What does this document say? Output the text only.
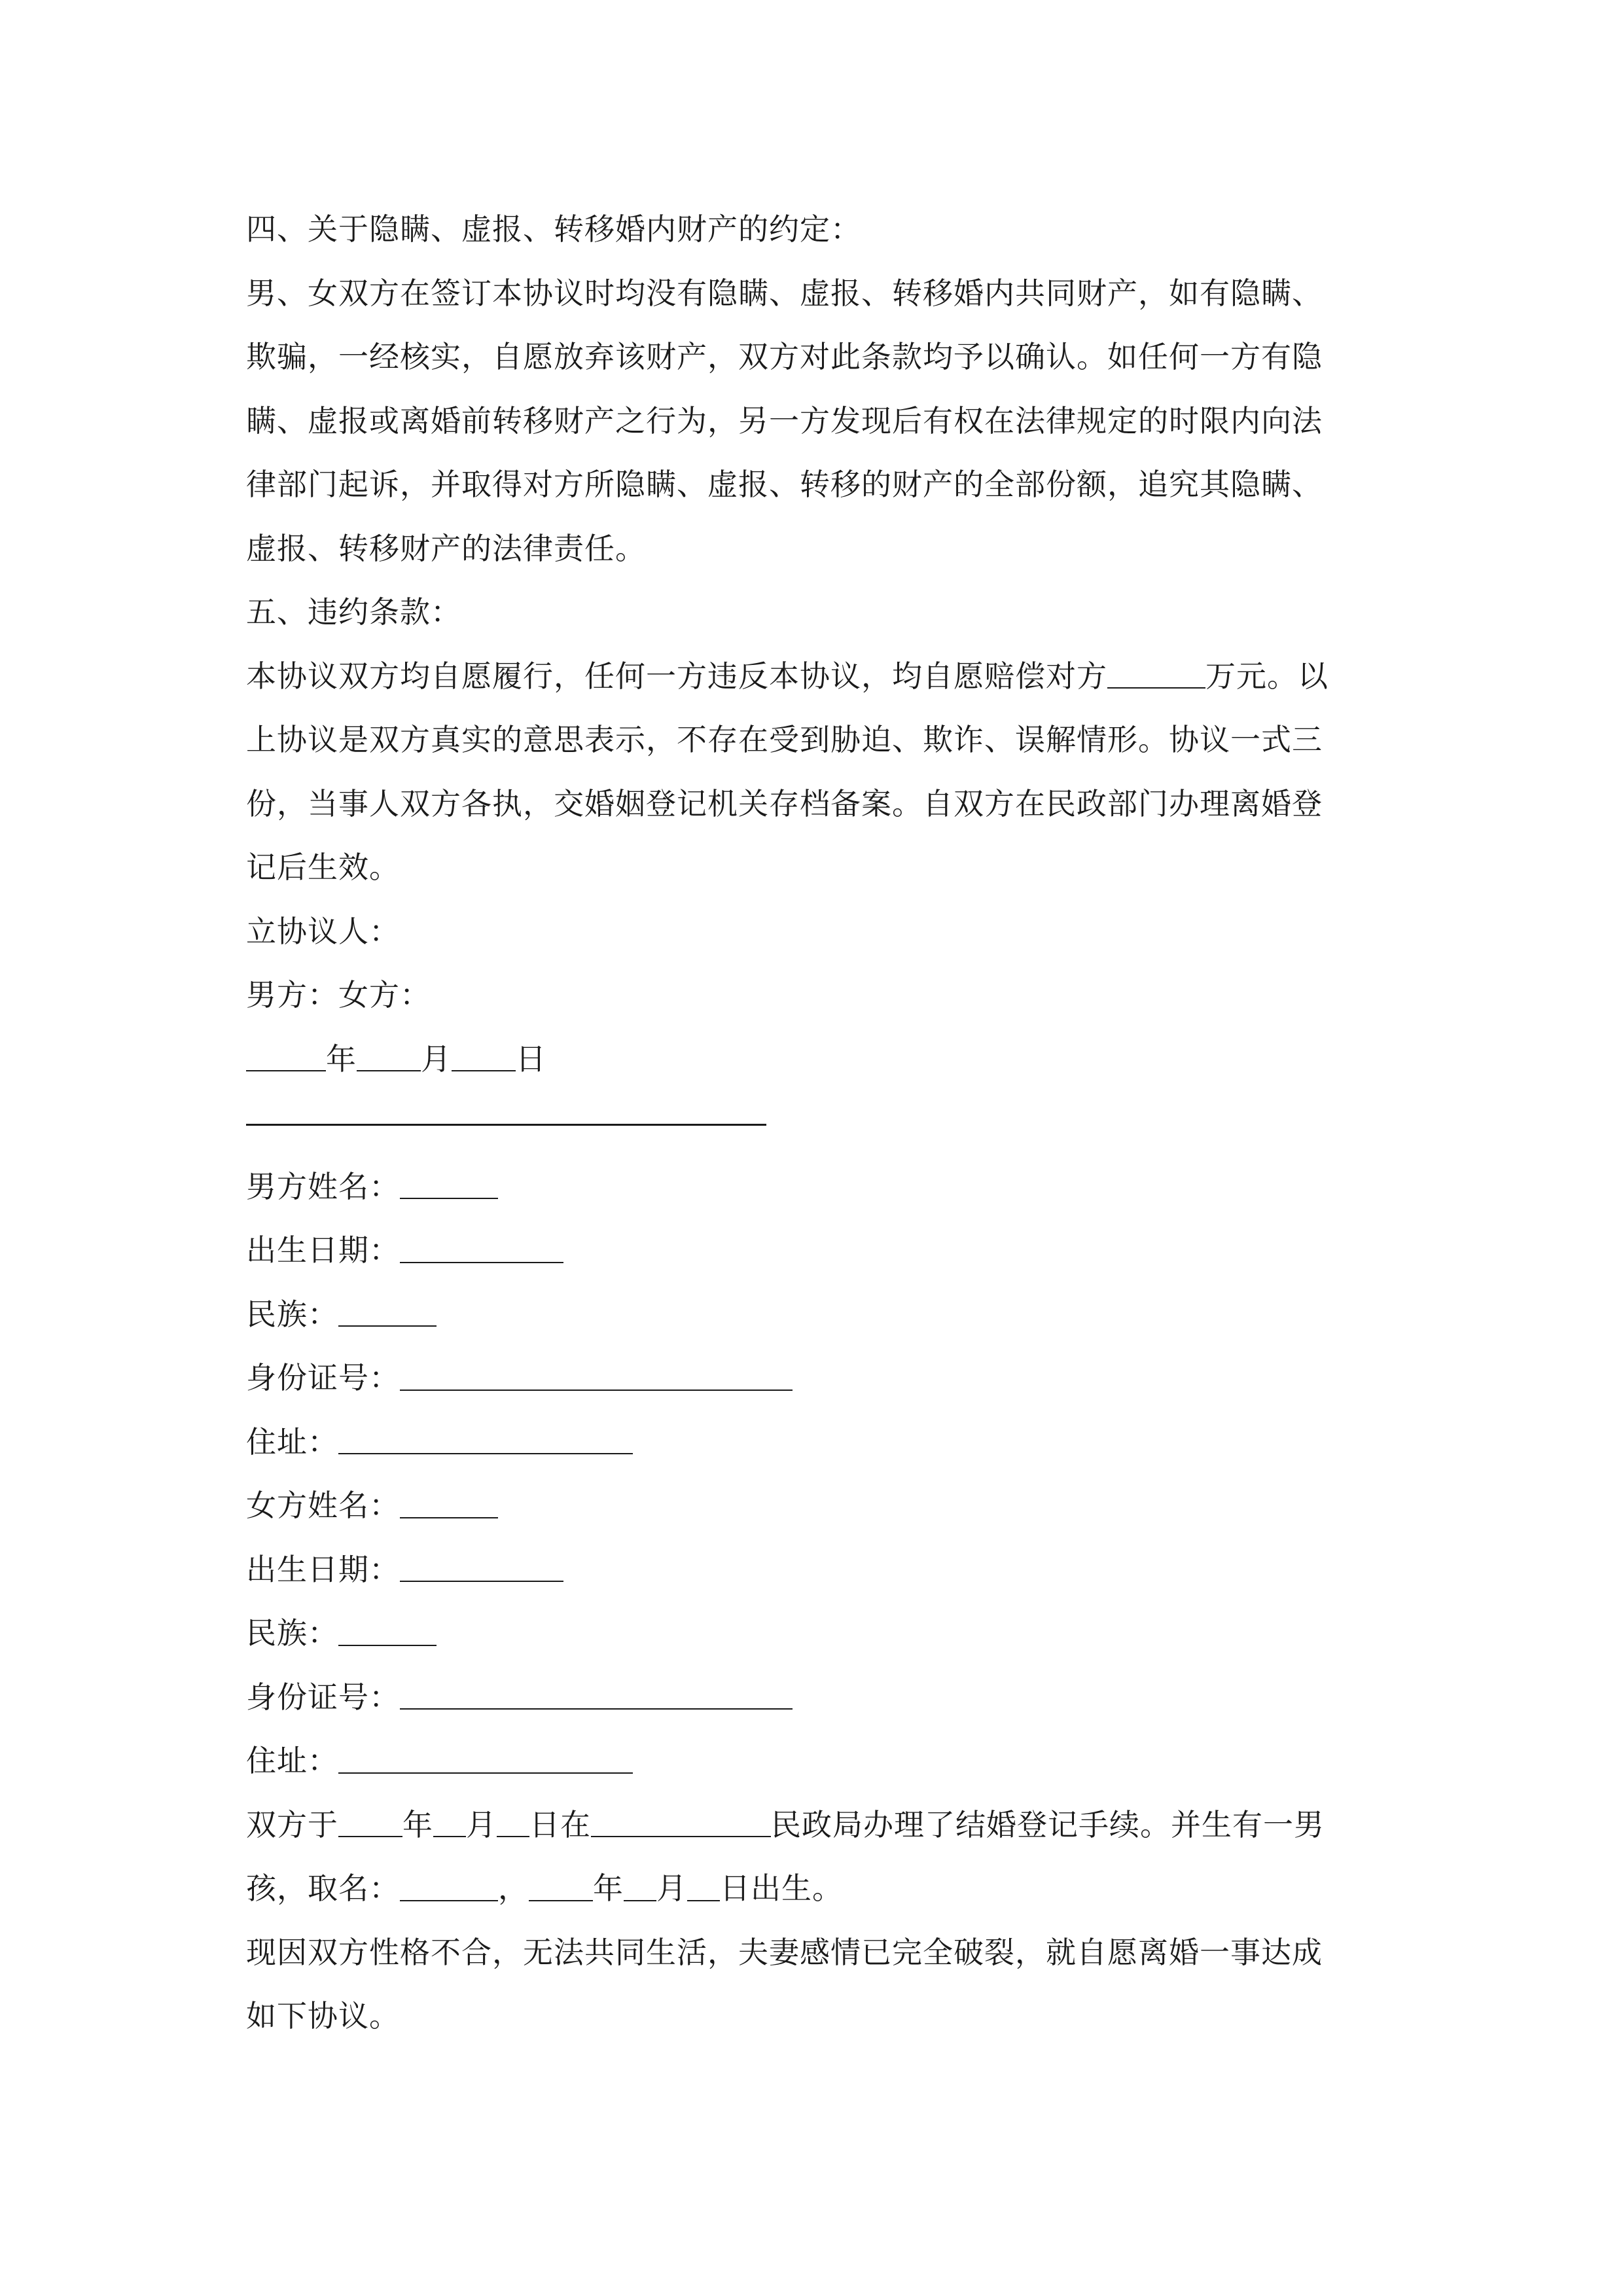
四、关于隐瞒、虚报、转移婚内财产的约定：

男、女双方在签订本协议时均没有隐瞒、虚报、转移婚内共同财产，如有隐瞒、
欺骗，一经核实，自愿放弃该财产，双方对此条款均予以确认。如任何一方有隐
瞒、虚报或离婚前转移财产之行为，另一方发现后有权在法律规定的时限内向法
律部门起诉，并取得对方所隐瞒、虚报、转移的财产的全部份额，追究其隐瞒、
虚报、转移财产的法律责任。

五、违约条款：

本协议双方均自愿履行，任何一方违反本协议，均自愿赔偿对方	万元。以
上协议是双方真实的意思表示，不存在受到胁迫、欺诈、误解情形。协议一式三
份，当事人双方各执，交婚姻登记机关存档备案。自双方在民政部门办理离婚登
记后生效。

立协议人：

男方：女方：

年 月 日

男方姓名：

出生日期：

民族：

身份证号：

住址：

女方姓名：

出生日期：

民族：

身份证号：

住址：

双方于 年 月 日在	民政局办理了结婚登记手续。并生有一男

孩，取名：	， 年 月 日出生。

现因双方性格不合，无法共同生活，夫妻感情已完全破裂，就自愿离婚一事达成
如下协议。
